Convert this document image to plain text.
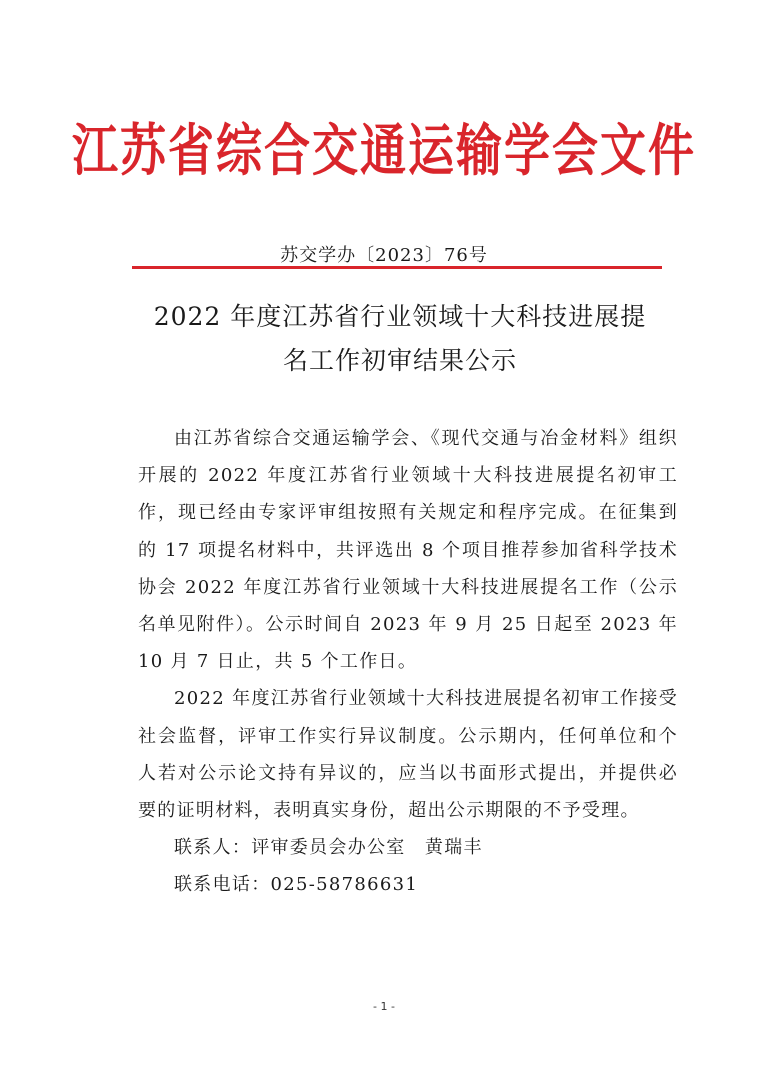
江苏省综合交通运输学会文件
苏交学办〔2023〕76号
2022 年度江苏省行业领域十大科技进展提
名工作初审结果公示

由江苏省综合交通运输学会、《现代交通与冶金材料》组织开展的 2022 年度江苏省行业领域十大科技进展提名初审工作，现已经由专家评审组按照有关规定和程序完成。在征集到的 17 项提名材料中，共评选出 8 个项目推荐参加省科学技术协会 2022 年度江苏省行业领域十大科技进展提名工作（公示名单见附件）。公示时间自 2023 年 9 月 25 日起至 2023 年 10 月 7 日止，共 5 个工作日。

2022 年度江苏省行业领域十大科技进展提名初审工作接受社会监督，评审工作实行异议制度。公示期内，任何单位和个人若对公示论文持有异议的，应当以书面形式提出，并提供必要的证明材料，表明真实身份，超出公示期限的不予受理。

联系人：评审委员会办公室　黄瑞丰
联系电话：025-58786631
- 1 -
